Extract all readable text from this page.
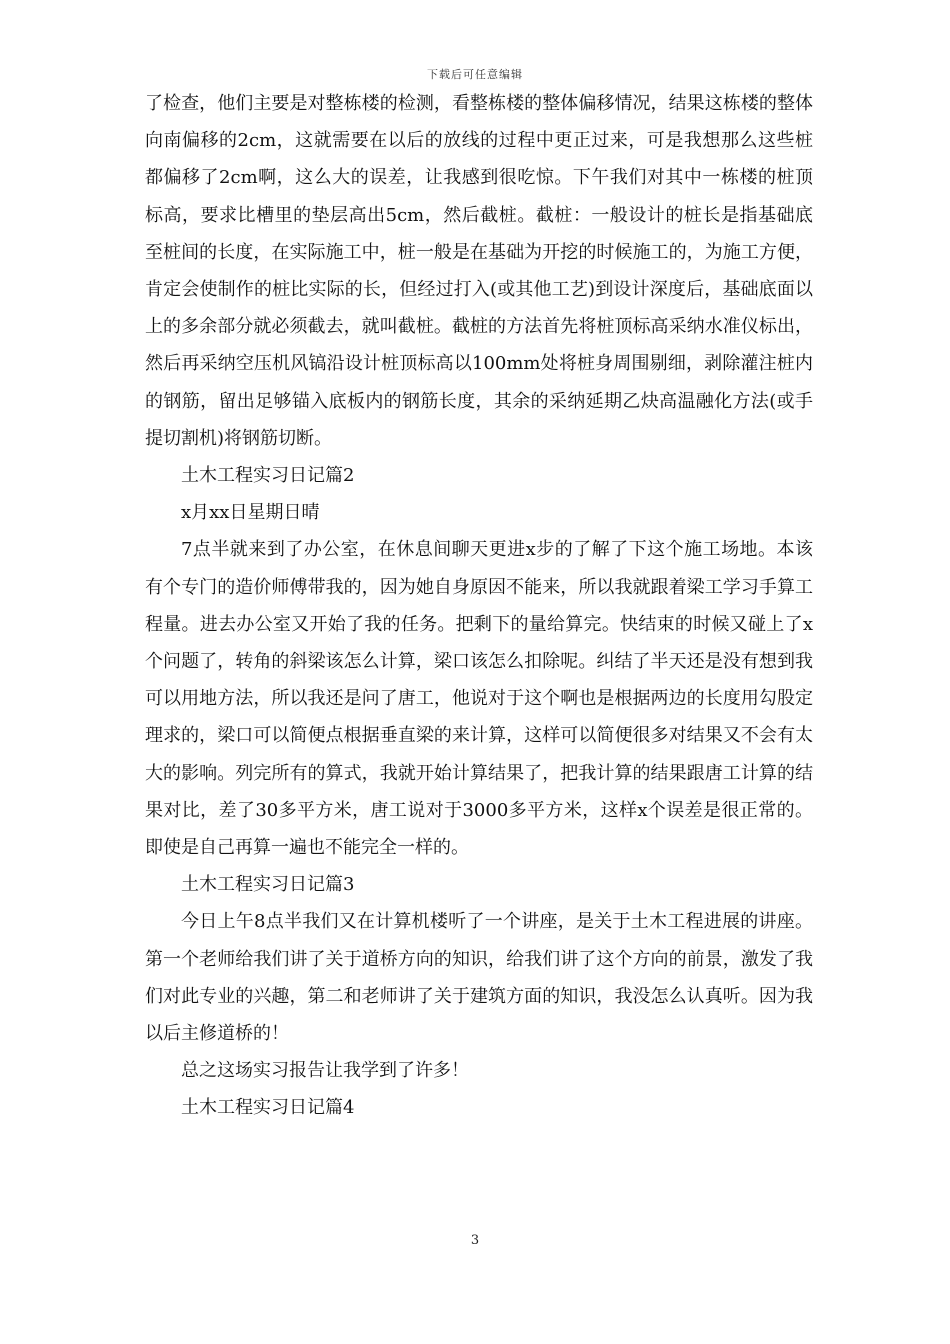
下载后可任意编辑

了检查，他们主要是对整栋楼的检测，看整栋楼的整体偏移情况，结果这栋楼的整体向南偏移的2cm，这就需要在以后的放线的过程中更正过来，可是我想那么这些桩都偏移了2cm啊，这么大的误差，让我感到很吃惊。下午我们对其中一栋楼的桩顶标高，要求比槽里的垫层高出5cm，然后截桩。截桩：一般设计的桩长是指基础底至桩间的长度，在实际施工中，桩一般是在基础为开挖的时候施工的，为施工方便，肯定会使制作的桩比实际的长，但经过打入(或其他工艺)到设计深度后，基础底面以上的多余部分就必须截去，就叫截桩。截桩的方法首先将桩顶标高采纳水准仪标出，然后再采纳空压机风镐沿设计桩顶标高以100mm处将桩身周围剔细，剥除灌注桩内的钢筋，留出足够锚入底板内的钢筋长度，其余的采纳延期乙炔高温融化方法(或手提切割机)将钢筋切断。

土木工程实习日记篇2

x月xx日星期日晴

7点半就来到了办公室，在休息间聊天更进x步的了解了下这个施工场地。本该有个专门的造价师傅带我的，因为她自身原因不能来，所以我就跟着梁工学习手算工程量。进去办公室又开始了我的任务。把剩下的量给算完。快结束的时候又碰上了x个问题了，转角的斜梁该怎么计算，梁口该怎么扣除呢。纠结了半天还是没有想到我可以用地方法，所以我还是问了唐工，他说对于这个啊也是根据两边的长度用勾股定理求的，梁口可以简便点根据垂直梁的来计算，这样可以简便很多对结果又不会有太大的影响。列完所有的算式，我就开始计算结果了，把我计算的结果跟唐工计算的结果对比，差了30多平方米，唐工说对于3000多平方米，这样x个误差是很正常的。即使是自己再算一遍也不能完全一样的。

土木工程实习日记篇3

今日上午8点半我们又在计算机楼听了一个讲座，是关于土木工程进展的讲座。第一个老师给我们讲了关于道桥方向的知识，给我们讲了这个方向的前景，激发了我们对此专业的兴趣，第二和老师讲了关于建筑方面的知识，我没怎么认真听。因为我以后主修道桥的！

总之这场实习报告让我学到了许多！

土木工程实习日记篇4

3
